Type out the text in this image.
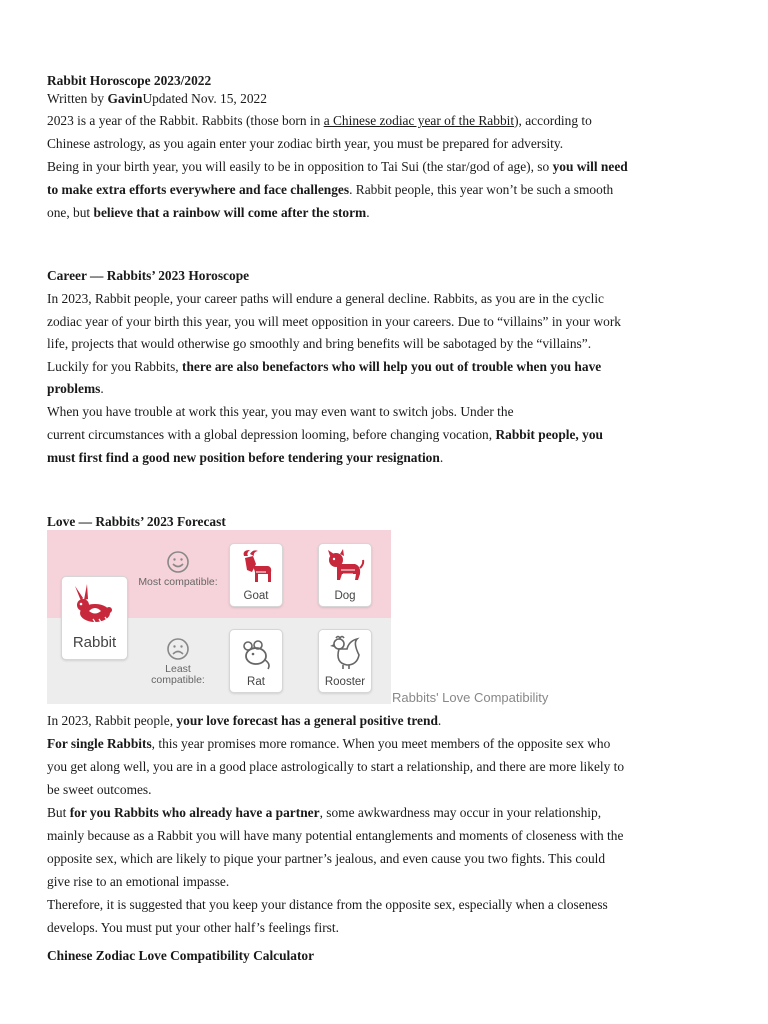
Rabbit Horoscope 2023/2022
Written by GavinUpdated Nov. 15, 2022
2023 is a year of the Rabbit. Rabbits (those born in a Chinese zodiac year of the Rabbit), according to
Chinese astrology, as you again enter your zodiac birth year, you must be prepared for adversity.
Being in your birth year, you will easily to be in opposition to Tai Sui (the star/god of age), so you will need
to make extra efforts everywhere and face challenges. Rabbit people, this year won’t be such a smooth
one, but believe that a rainbow will come after the storm.
Career — Rabbits’ 2023 Horoscope
In 2023, Rabbit people, your career paths will endure a general decline. Rabbits, as you are in the cyclic
zodiac year of your birth this year, you will meet opposition in your careers. Due to “villains” in your work
life, projects that would otherwise go smoothly and bring benefits will be sabotaged by the “villains”.
Luckily for you Rabbits, there are also benefactors who will help you out of trouble when you have
problems.
When you have trouble at work this year, you may even want to switch jobs. Under the
current circumstances with a global depression looming, before changing vocation, Rabbit people, you
must first find a good new position before tendering your resignation.
Love — Rabbits’ 2023 Forecast
Rabbit
Most compatible:
Goat	Dog
Least compatible:	Rat	Rooster
Rabbits' Love Compatibility
In 2023, Rabbit people, your love forecast has a general positive trend.
For single Rabbits, this year promises more romance. When you meet members of the opposite sex who
you get along well, you are in a good place astrologically to start a relationship, and there are more likely to
be sweet outcomes.
But for you Rabbits who already have a partner, some awkwardness may occur in your relationship,
mainly because as a Rabbit you will have many potential entanglements and moments of closeness with the
opposite sex, which are likely to pique your partner’s jealous, and even cause you two fights. This could
give rise to an emotional impasse.
Therefore, it is suggested that you keep your distance from the opposite sex, especially when a closeness
develops. You must put your other half’s feelings first.
Chinese Zodiac Love Compatibility Calculator
